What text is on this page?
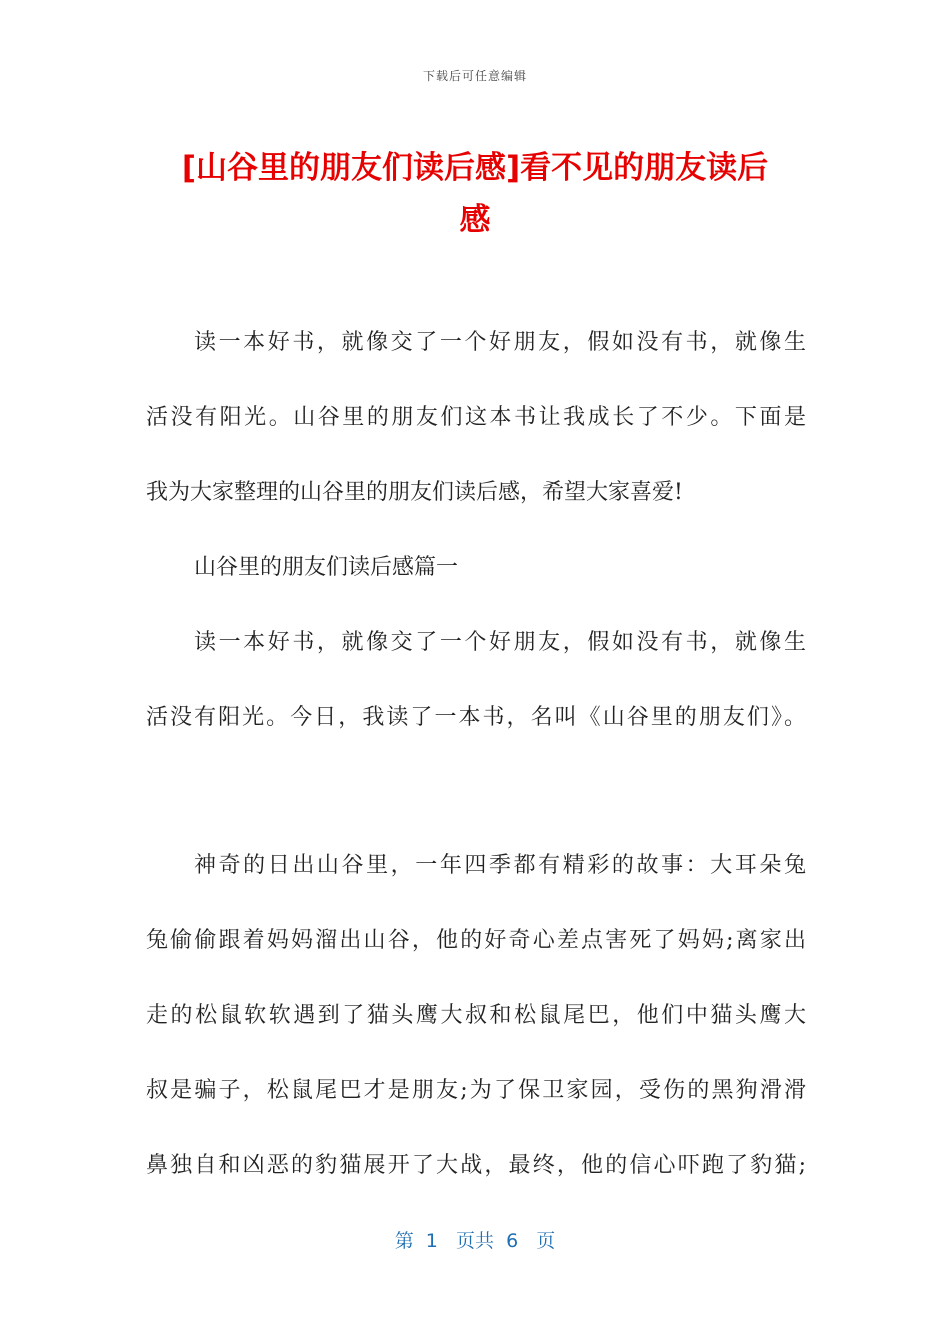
下载后可任意编辑
[山谷里的朋友们读后感]看不见的朋友读后
感
读一本好书，就像交了一个好朋友，假如没有书，就像生
活没有阳光。山谷里的朋友们这本书让我成长了不少。下面是
我为大家整理的山谷里的朋友们读后感，希望大家喜爱!
山谷里的朋友们读后感篇一
读一本好书，就像交了一个好朋友，假如没有书，就像生
活没有阳光。今日，我读了一本书，名叫《山谷里的朋友们》。
神奇的日出山谷里，一年四季都有精彩的故事：大耳朵兔
兔偷偷跟着妈妈溜出山谷，他的好奇心差点害死了妈妈;离家出
走的松鼠软软遇到了猫头鹰大叔和松鼠尾巴，他们中猫头鹰大
叔是骗子，松鼠尾巴才是朋友;为了保卫家园，受伤的黑狗滑滑
鼻独自和凶恶的豹猫展开了大战，最终，他的信心吓跑了豹猫;
第  1   页共  6   页
